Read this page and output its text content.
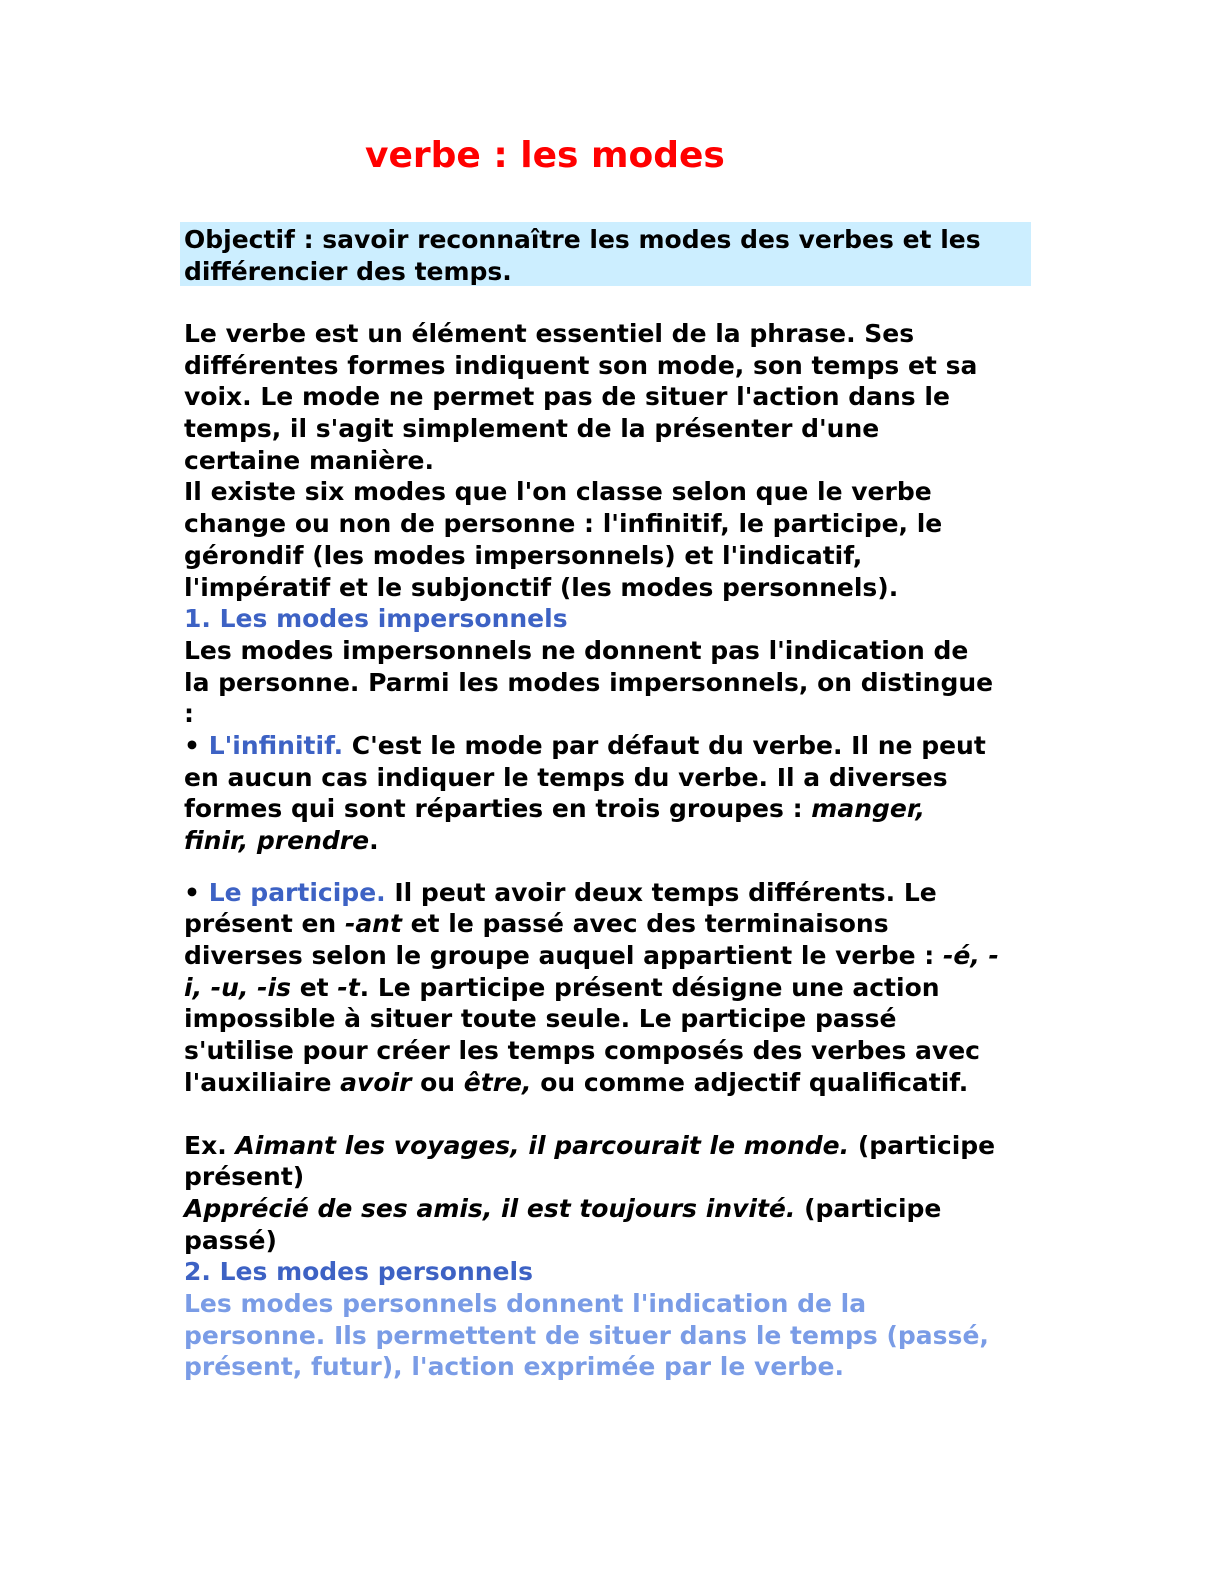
verbe : les modes
Objectif : savoir reconnaître les modes des verbes et les
différencier des temps.
Le verbe est un élément essentiel de la phrase. Ses
différentes formes indiquent son mode, son temps et sa
voix. Le mode ne permet pas de situer l'action dans le
temps, il s'agit simplement de la présenter d'une
certaine manière.
Il existe six modes que l'on classe selon que le verbe
change ou non de personne : l'infinitif, le participe, le
gérondif (les modes impersonnels) et l'indicatif,
l'impératif et le subjonctif (les modes personnels).
1. Les modes impersonnels
Les modes impersonnels ne donnent pas l'indication de
la personne. Parmi les modes impersonnels, on distingue
:
• L'infinitif. C'est le mode par défaut du verbe. Il ne peut
en aucun cas indiquer le temps du verbe. Il a diverses
formes qui sont réparties en trois groupes : manger,
finir, prendre.
• Le participe. Il peut avoir deux temps différents. Le
présent en -ant et le passé avec des terminaisons
diverses selon le groupe auquel appartient le verbe : -é, -
i, -u, -is et -t. Le participe présent désigne une action
impossible à situer toute seule. Le participe passé
s'utilise pour créer les temps composés des verbes avec
l'auxiliaire avoir ou être, ou comme adjectif qualificatif.
Ex. Aimant les voyages, il parcourait le monde. (participe
présent)
Apprécié de ses amis, il est toujours invité. (participe
passé)
2. Les modes personnels
Les modes personnels donnent l'indication de la
personne. Ils permettent de situer dans le temps (passé,
présent, futur), l'action exprimée par le verbe.
